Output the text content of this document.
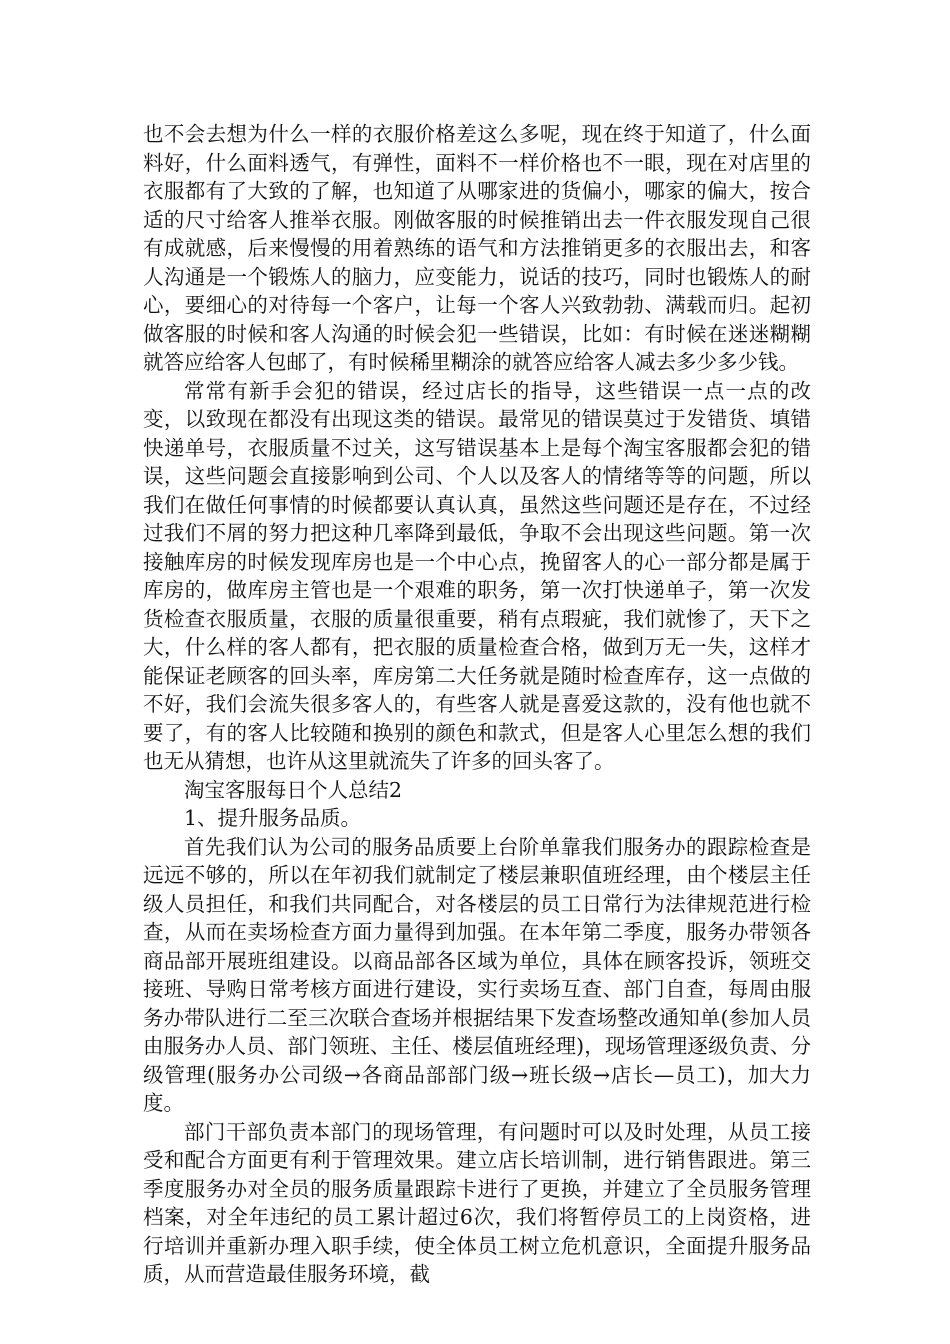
也不会去想为什么一样的衣服价格差这么多呢，现在终于知道了，什么面料好，什么面料透气，有弹性，面料不一样价格也不一眼，现在对店里的衣服都有了大致的了解，也知道了从哪家进的货偏小，哪家的偏大，按合适的尺寸给客人推举衣服。刚做客服的时候推销出去一件衣服发现自己很有成就感，后来慢慢的用着熟练的语气和方法推销更多的衣服出去，和客人沟通是一个锻炼人的脑力，应变能力，说话的技巧，同时也锻炼人的耐心，要细心的对待每一个客户，让每一个客人兴致勃勃、满载而归。起初做客服的时候和客人沟通的时候会犯一些错误，比如：有时候在迷迷糊糊就答应给客人包邮了，有时候稀里糊涂的就答应给客人减去多少多少钱。

常常有新手会犯的错误，经过店长的指导，这些错误一点一点的改变，以致现在都没有出现这类的错误。最常见的错误莫过于发错货、填错快递单号，衣服质量不过关，这写错误基本上是每个淘宝客服都会犯的错误，这些问题会直接影响到公司、个人以及客人的情绪等等的问题，所以我们在做任何事情的时候都要认真认真，虽然这些问题还是存在，不过经过我们不屑的努力把这种几率降到最低，争取不会出现这些问题。第一次接触库房的时候发现库房也是一个中心点，挽留客人的心一部分都是属于库房的，做库房主管也是一个艰难的职务，第一次打快递单子，第一次发货检查衣服质量，衣服的质量很重要，稍有点瑕疵，我们就惨了，天下之大，什么样的客人都有，把衣服的质量检查合格，做到万无一失，这样才能保证老顾客的回头率，库房第二大任务就是随时检查库存，这一点做的不好，我们会流失很多客人的，有些客人就是喜爱这款的，没有他也就不要了，有的客人比较随和换别的颜色和款式，但是客人心里怎么想的我们也无从猜想，也许从这里就流失了许多的回头客了。

淘宝客服每日个人总结2

1、提升服务品质。

首先我们认为公司的服务品质要上台阶单靠我们服务办的跟踪检查是远远不够的，所以在年初我们就制定了楼层兼职值班经理，由个楼层主任级人员担任，和我们共同配合，对各楼层的员工日常行为法律规范进行检查，从而在卖场检查方面力量得到加强。在本年第二季度，服务办带领各商品部开展班组建设。以商品部各区域为单位，具体在顾客投诉，领班交接班、导购日常考核方面进行建设，实行卖场互查、部门自查，每周由服务办带队进行二至三次联合查场并根据结果下发查场整改通知单(参加人员由服务办人员、部门领班、主任、楼层值班经理)，现场管理逐级负责、分级管理(服务办公司级→各商品部部门级→班长级→店长—员工)，加大力度。

部门干部负责本部门的现场管理，有问题时可以及时处理，从员工接受和配合方面更有利于管理效果。建立店长培训制，进行销售跟进。第三季度服务办对全员的服务质量跟踪卡进行了更换，并建立了全员服务管理档案，对全年违纪的员工累计超过6次，我们将暂停员工的上岗资格，进行培训并重新办理入职手续，使全体员工树立危机意识，全面提升服务品质，从而营造最佳服务环境，截
